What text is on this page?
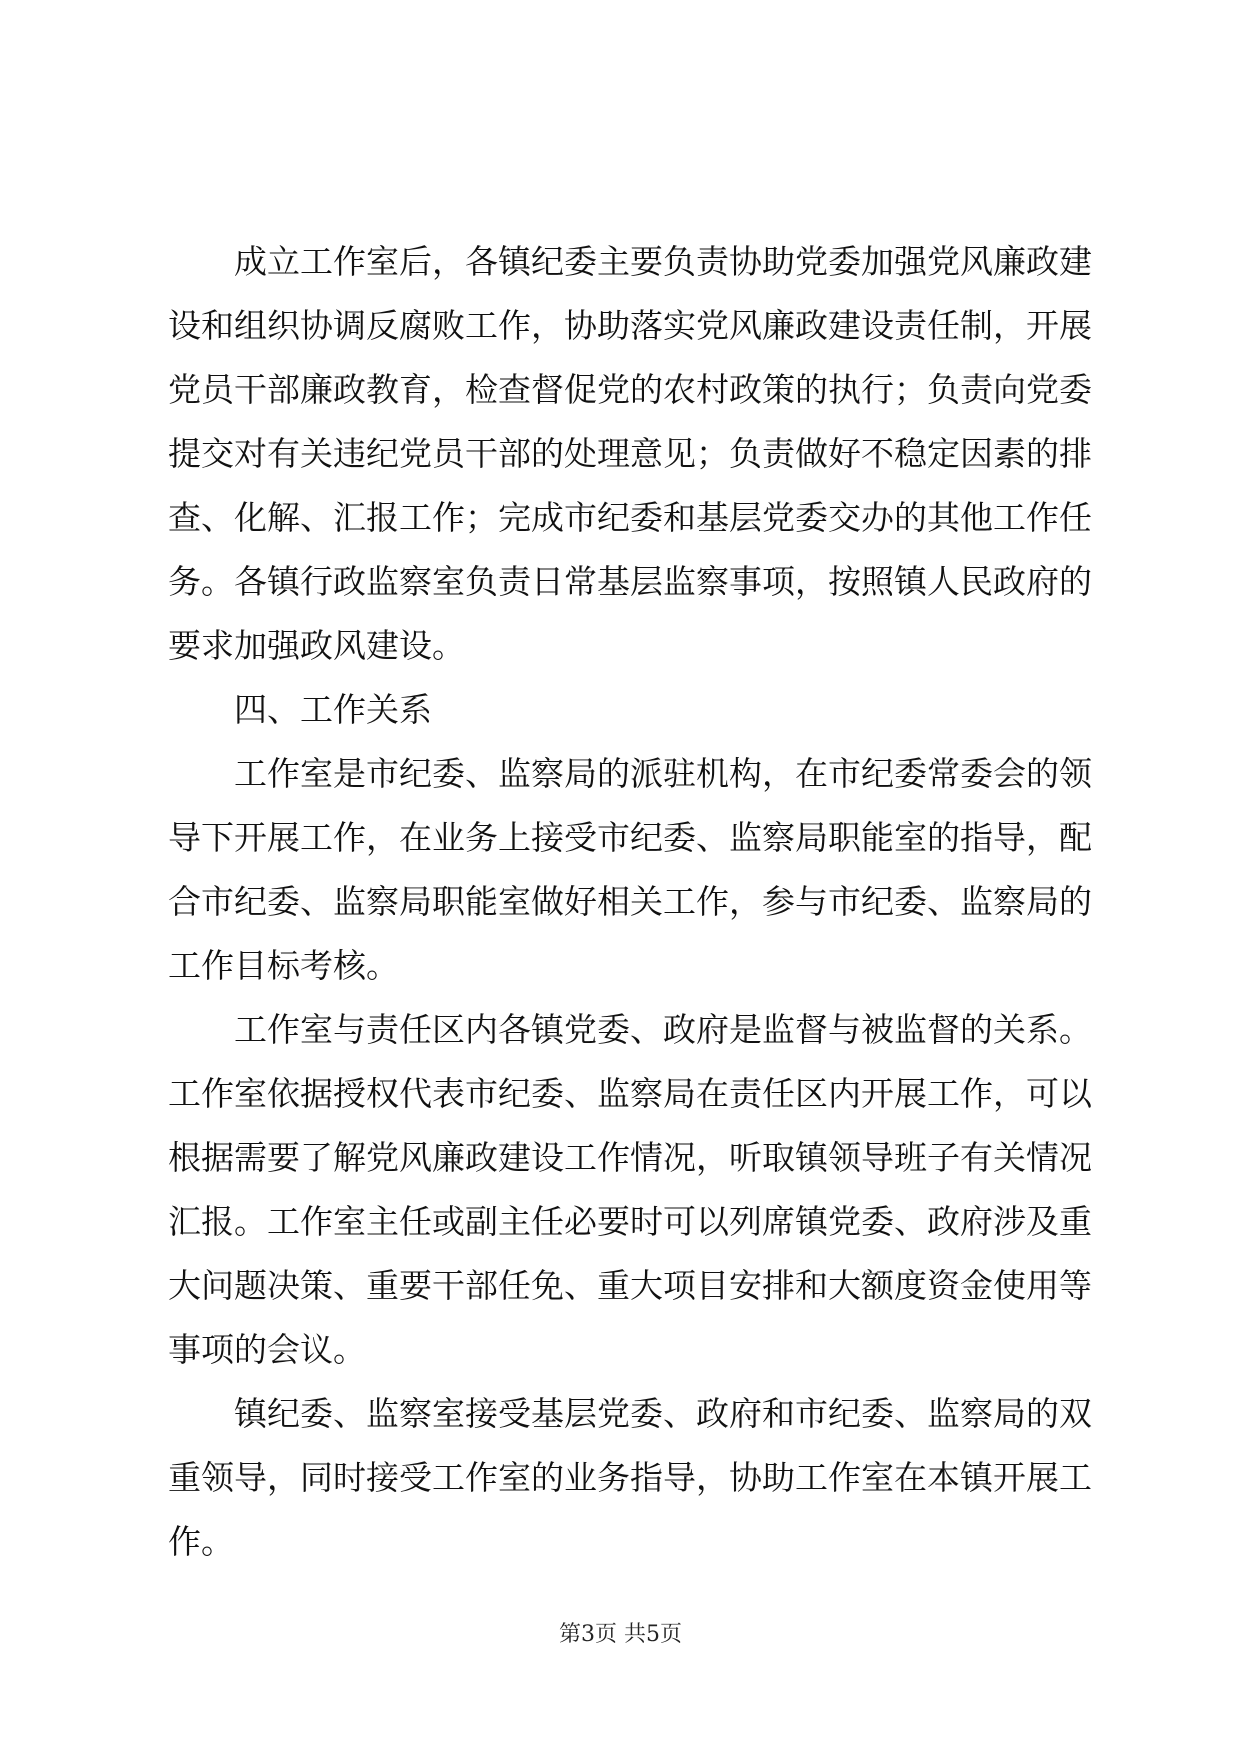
成立工作室后，各镇纪委主要负责协助党委加强党风廉政建
设和组织协调反腐败工作，协助落实党风廉政建设责任制，开展
党员干部廉政教育，检查督促党的农村政策的执行；负责向党委
提交对有关违纪党员干部的处理意见；负责做好不稳定因素的排
查、化解、汇报工作；完成市纪委和基层党委交办的其他工作任
务。各镇行政监察室负责日常基层监察事项，按照镇人民政府的
要求加强政风建设。
四、工作关系
工作室是市纪委、监察局的派驻机构，在市纪委常委会的领
导下开展工作，在业务上接受市纪委、监察局职能室的指导，配
合市纪委、监察局职能室做好相关工作，参与市纪委、监察局的
工作目标考核。
工作室与责任区内各镇党委、政府是监督与被监督的关系。
工作室依据授权代表市纪委、监察局在责任区内开展工作，可以
根据需要了解党风廉政建设工作情况，听取镇领导班子有关情况
汇报。工作室主任或副主任必要时可以列席镇党委、政府涉及重
大问题决策、重要干部任免、重大项目安排和大额度资金使用等
事项的会议。
镇纪委、监察室接受基层党委、政府和市纪委、监察局的双
重领导，同时接受工作室的业务指导，协助工作室在本镇开展工
作。
第3页 共5页
